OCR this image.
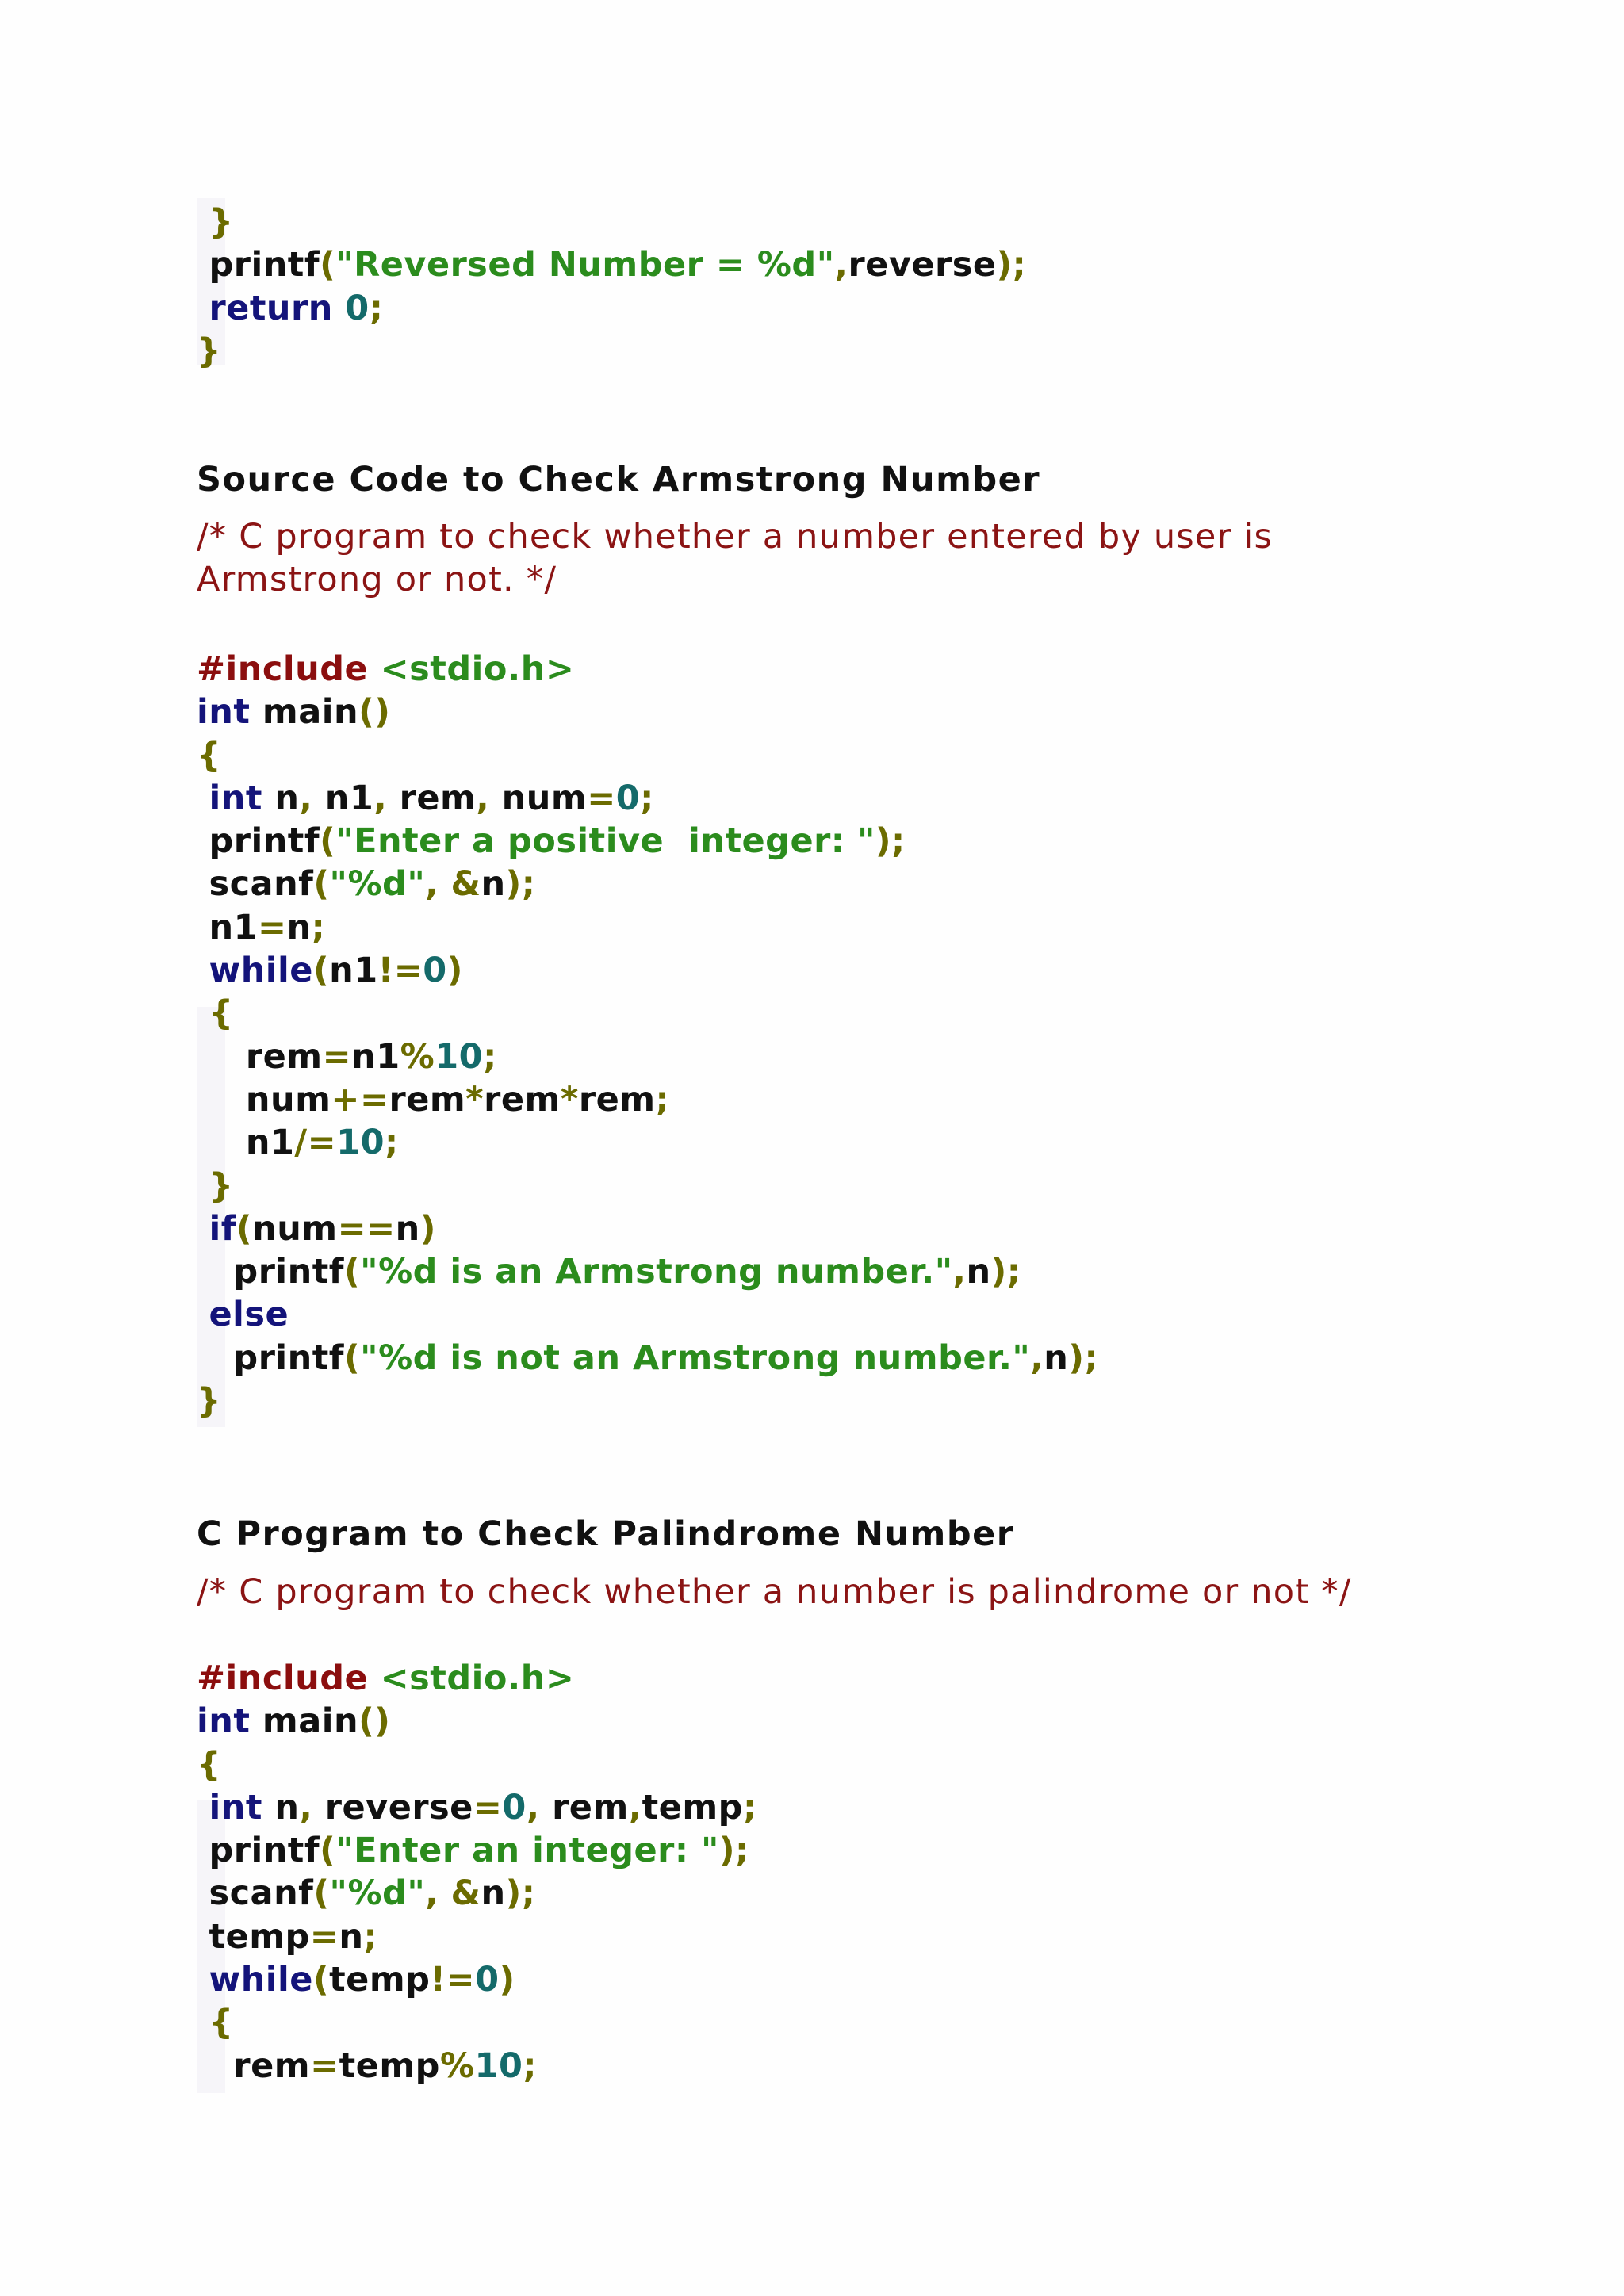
}
printf("Reversed Number = %d",reverse);
return 0;
}
Source Code to Check Armstrong Number
/* C program to check whether a number entered by user is
Armstrong or not. */
#include <stdio.h>
int main()
{
int n, n1, rem, num=0;
printf("Enter a positive  integer: ");
scanf("%d", &n);
n1=n;
while(n1!=0)
{
rem=n1%10;
num+=rem*rem*rem;
n1/=10;
}
if(num==n)
printf("%d is an Armstrong number.",n);
else
printf("%d is not an Armstrong number.",n);
}
C Program to Check Palindrome Number
/* C program to check whether a number is palindrome or not */
#include <stdio.h>
int main()
{
int n, reverse=0, rem,temp;
printf("Enter an integer: ");
scanf("%d", &n);
temp=n;
while(temp!=0)
{
rem=temp%10;
